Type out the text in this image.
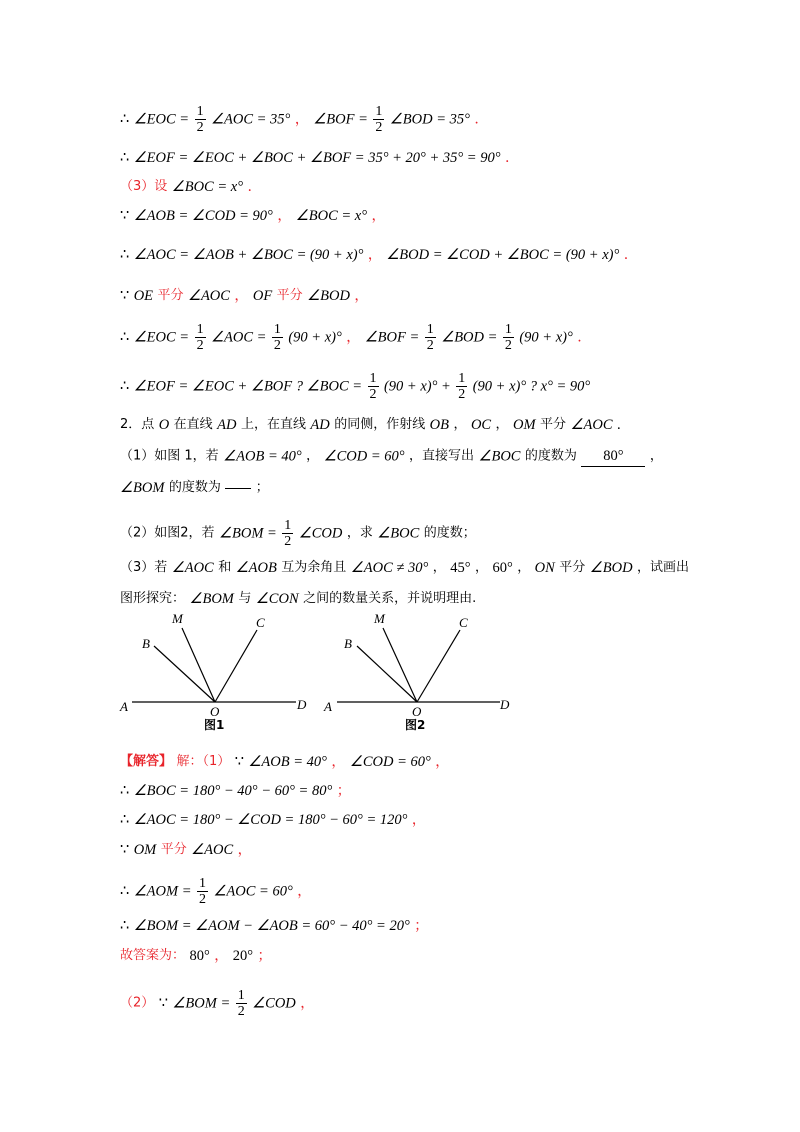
∴ ∠EOC = $\frac{1}{2}$ ∠AOC = 35° ， ∠BOF = $\frac{1}{2}$ ∠BOD = 35° .
∴ ∠EOF = ∠EOC + ∠BOC + ∠BOF = 35° + 20° + 35° = 90° .
（3）设 ∠BOC = x° .
∵ ∠AOB = ∠COD = 90° ， ∠BOC = x° ，
∴ ∠AOC = ∠AOB + ∠BOC = (90 + x)° ， ∠BOD = ∠COD + ∠BOC = (90 + x)° .
∵ OE 平分 ∠AOC ， OF 平分 ∠BOD ，
∴ ∠EOC = $\frac{1}{2}$ ∠AOC = $\frac{1}{2} (90 + x)^\circ$ ， ∠BOF = $\frac{1}{2}$ ∠BOD = $\frac{1}{2} (90 + x)^\circ$ .
∴ ∠EOF = ∠EOC + ∠BOF ? ∠BOC = $\frac{1}{2} (90 + x)^\circ + \frac{1}{2} (90 + x)^\circ$ ? x° = 90°
2．点 O 在直线 AD 上，在直线 AD 的同侧，作射线 OB ， OC ， OM 平分 ∠AOC .
（1）如图 1，若 ∠AOB = 40° ， ∠COD = 60° ，直接写出 ∠BOC 的度数为 80° ，
∠BOM 的度数为	；
（2）如图2，若 ∠BOM = $\frac{1}{2}$ ∠COD ，求 ∠BOC 的度数；
（3）若 ∠AOC 和 ∠AOB 互为余角且 ∠AOC ≠ 30° ， 45° ， 60° ， ON 平分 ∠BOD ，试画出
图形探究： ∠BOM 与 ∠CON 之间的数量关系，并说明理由.
A
B
M	C
O	D
图1
A
B
M	C
O	D
图2
【解答】 解：（1） ∵ ∠AOB = 40° ， ∠COD = 60° ，
∴ ∠BOC = 180° − 40° − 60° = 80° ；
∴ ∠AOC = 180° − ∠COD = 180° − 60° = 120° ，
∵ OM 平分 ∠AOC ，
∴ ∠AOM = $\frac{1}{2}$ ∠AOC = 60° ，
∴ ∠BOM = ∠AOM − ∠AOB = 60° − 40° = 20° ；
故答案为： 80° ， 20° ；
（2） ∵ ∠BOM = $\frac{1}{2}$ ∠COD ，
